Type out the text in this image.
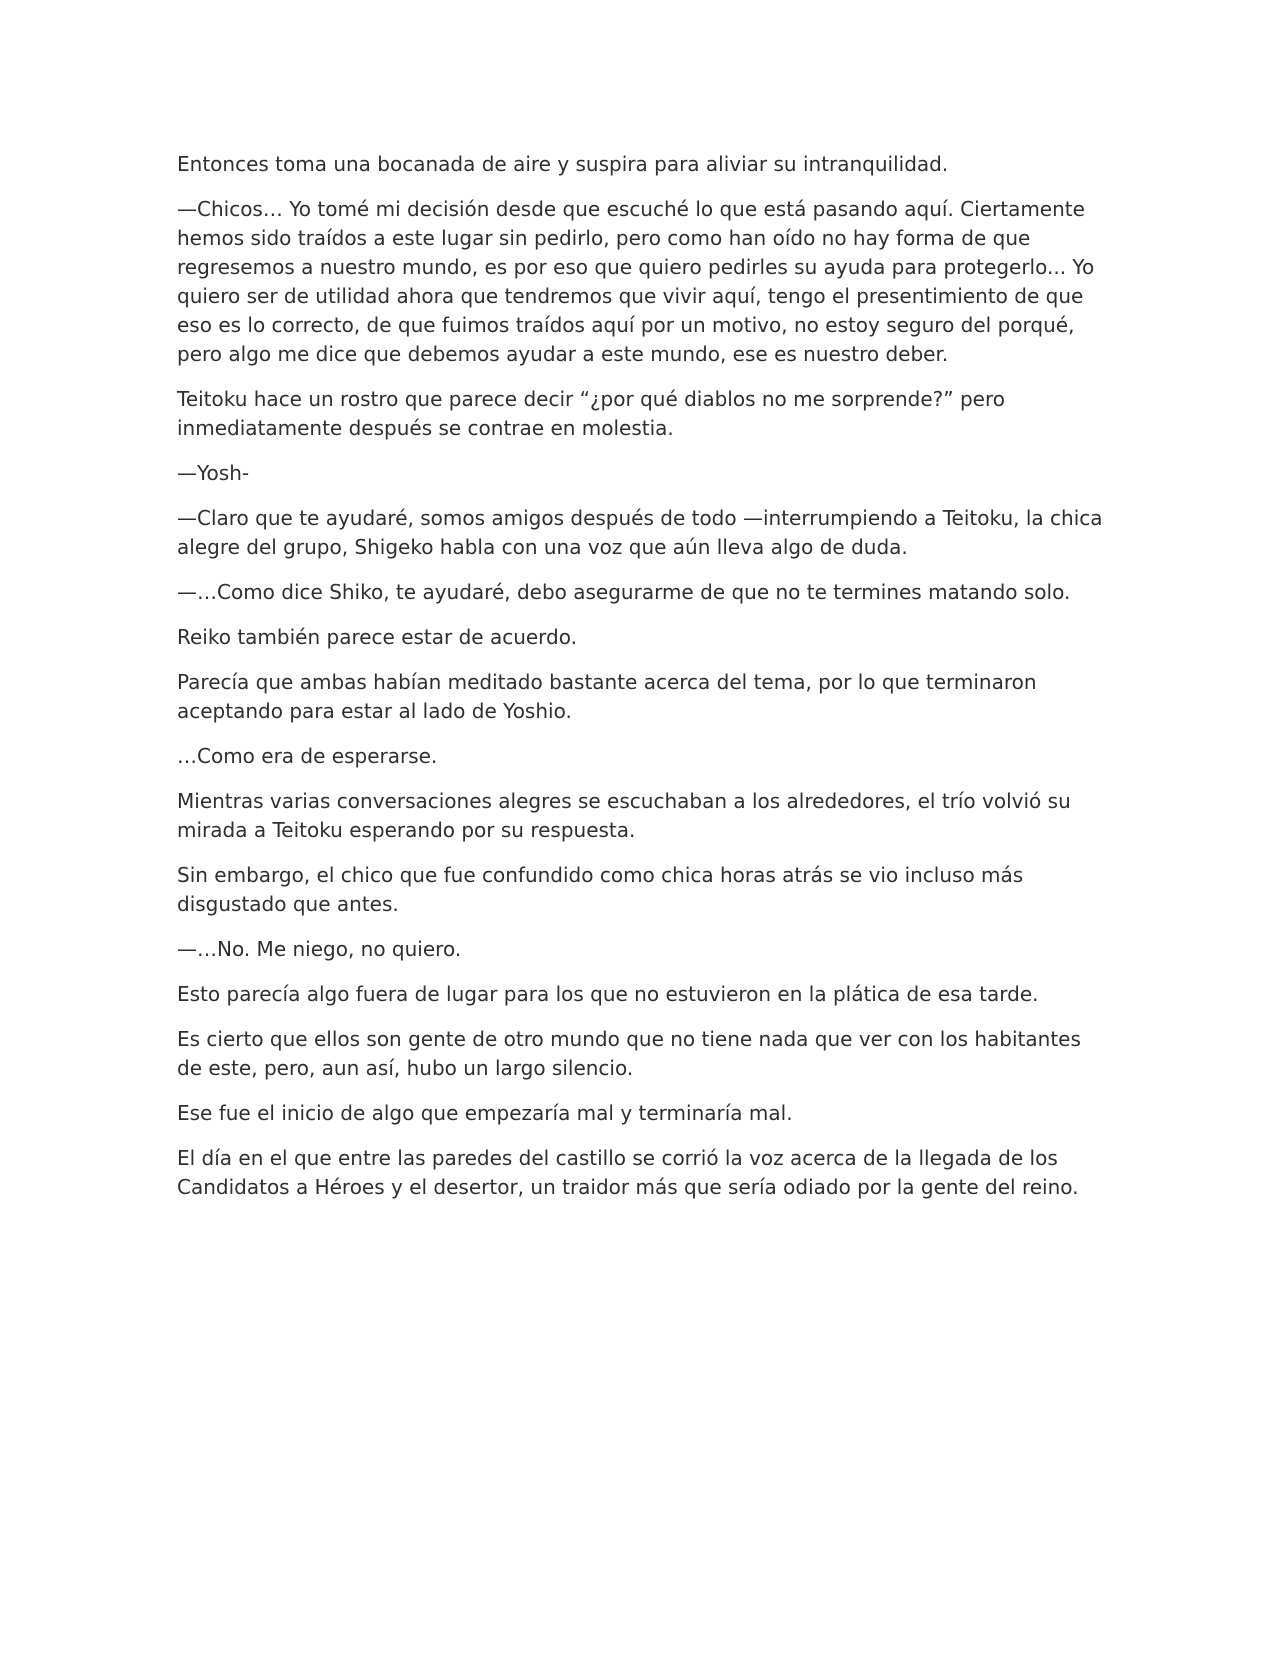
Entonces toma una bocanada de aire y suspira para aliviar su intranquilidad.

—Chicos… Yo tomé mi decisión desde que escuché lo que está pasando aquí. Ciertamente hemos sido traídos a este lugar sin pedirlo, pero como han oído no hay forma de que regresemos a nuestro mundo, es por eso que quiero pedirles su ayuda para protegerlo... Yo quiero ser de utilidad ahora que tendremos que vivir aquí, tengo el presentimiento de que eso es lo correcto, de que fuimos traídos aquí por un motivo, no estoy seguro del porqué, pero algo me dice que debemos ayudar a este mundo, ese es nuestro deber.

Teitoku hace un rostro que parece decir “¿por qué diablos no me sorprende?” pero inmediatamente después se contrae en molestia.

—Yosh-

—Claro que te ayudaré, somos amigos después de todo —interrumpiendo a Teitoku, la chica alegre del grupo, Shigeko habla con una voz que aún lleva algo de duda.

—…Como dice Shiko, te ayudaré, debo asegurarme de que no te termines matando solo.

Reiko también parece estar de acuerdo.

Parecía que ambas habían meditado bastante acerca del tema, por lo que terminaron aceptando para estar al lado de Yoshio.

…Como era de esperarse.

Mientras varias conversaciones alegres se escuchaban a los alrededores, el trío volvió su mirada a Teitoku esperando por su respuesta.

Sin embargo, el chico que fue confundido como chica horas atrás se vio incluso más disgustado que antes.

—…No. Me niego, no quiero.

Esto parecía algo fuera de lugar para los que no estuvieron en la plática de esa tarde.

Es cierto que ellos son gente de otro mundo que no tiene nada que ver con los habitantes de este, pero, aun así, hubo un largo silencio.

Ese fue el inicio de algo que empezaría mal y terminaría mal.

El día en el que entre las paredes del castillo se corrió la voz acerca de la llegada de los Candidatos a Héroes y el desertor, un traidor más que sería odiado por la gente del reino.
